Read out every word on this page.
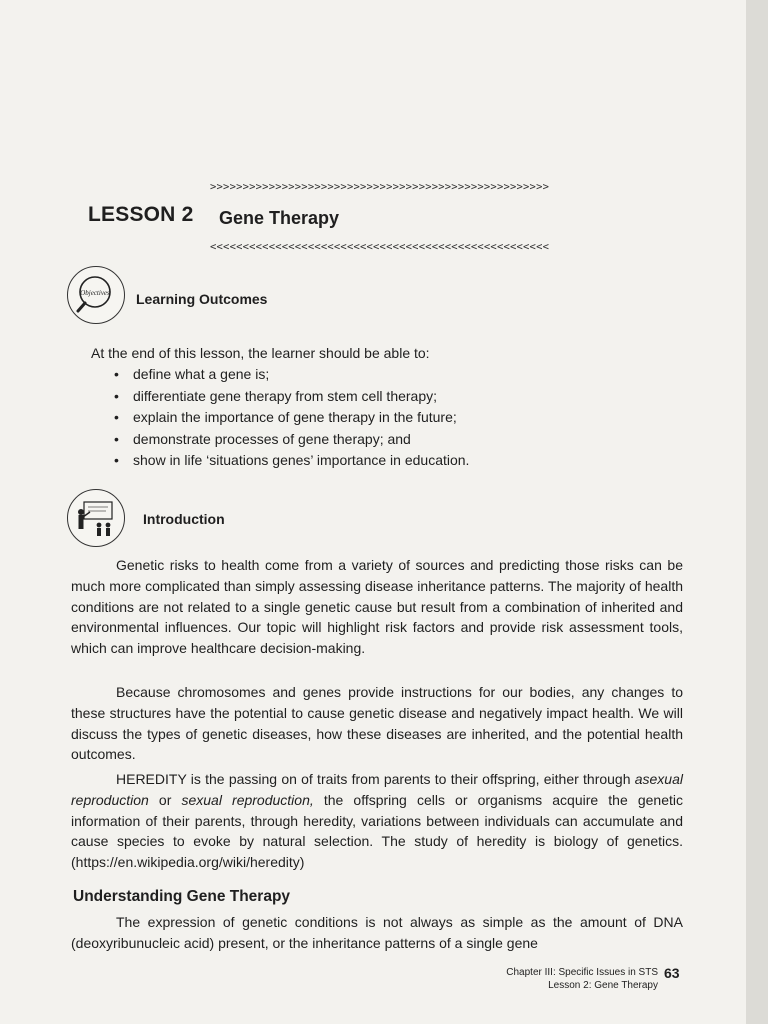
>>>>>>>>>>>>>>>>>>>>>>>>>>>>>>>>>>>>>>>>>>>>>>>>>>>>
LESSON 2 Gene Therapy
<<<<<<<<<<<<<<<<<<<<<<<<<<<<<<<<<<<<<<<<<<<<<<<<<<<<
Objectives Learning Outcomes
At the end of this lesson, the learner should be able to:
• define what a gene is;
• differentiate gene therapy from stem cell therapy;
• explain the importance of gene therapy in the future;
• demonstrate processes of gene therapy; and
• show in life ‘situations genes’ importance in education.
Introduction

Genetic risks to health come from a variety of sources and predicting those risks can be much more complicated than simply assessing disease inheritance patterns. The majority of health conditions are not related to a single genetic cause but result from a combination of inherited and environmental influences. Our topic will highlight risk factors and provide risk assessment tools, which can improve healthcare decision-making.

Because chromosomes and genes provide instructions for our bodies, any changes to these structures have the potential to cause genetic disease and negatively impact health. We will discuss the types of genetic diseases, how these diseases are inherited, and the potential health outcomes.

HEREDITY is the passing on of traits from parents to their offspring, either through asexual reproduction or sexual reproduction, the offspring cells or organisms acquire the genetic information of their parents, through heredity, variations between individuals can accumulate and cause species to evoke by natural selection. The study of heredity is biology of genetics. (https://en.wikipedia.org/wiki/heredity)

Understanding Gene Therapy

The expression of genetic conditions is not always as simple as the amount of DNA (deoxyribunucleic acid) present, or the inheritance patterns of a single gene

Chapter III: Specific Issues in STS
Lesson 2: Gene Therapy
63
